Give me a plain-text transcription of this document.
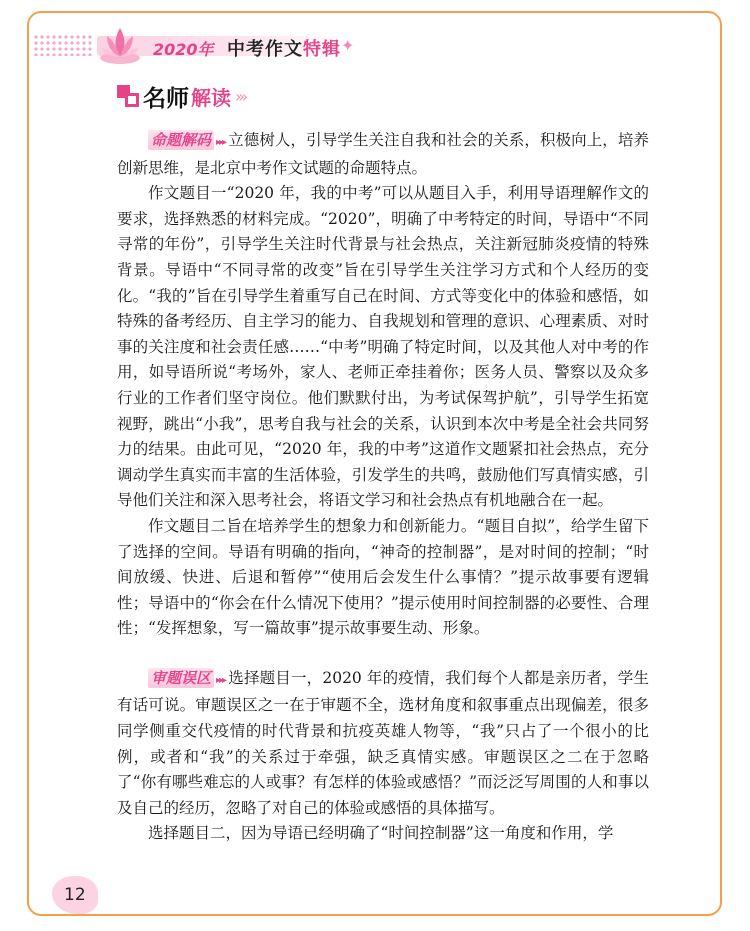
2020年 中考作文特辑 ✦
名师 解读 ›››

命题解码 ▸▸▸ 立德树人，引导学生关注自我和社会的关系，积极向上，培养创新思维，是北京中考作文试题的命题特点。

作文题目一“2020 年，我的中考”可以从题目入手，利用导语理解作文的要求，选择熟悉的材料完成。“2020”，明确了中考特定的时间，导语中“不同寻常的年份”，引导学生关注时代背景与社会热点，关注新冠肺炎疫情的特殊背景。导语中“不同寻常的改变”旨在引导学生关注学习方式和个人经历的变化。“我的”旨在引导学生着重写自己在时间、方式等变化中的体验和感悟，如特殊的备考经历、自主学习的能力、自我规划和管理的意识、心理素质、对时事的关注度和社会责任感……“中考”明确了特定时间，以及其他人对中考的作用，如导语所说“考场外，家人、老师正牵挂着你；医务人员、警察以及众多行业的工作者们坚守岗位。他们默默付出，为考试保驾护航”，引导学生拓宽视野，跳出“小我”，思考自我与社会的关系，认识到本次中考是全社会共同努力的结果。由此可见，“2020 年，我的中考”这道作文题紧扣社会热点，充分调动学生真实而丰富的生活体验，引发学生的共鸣，鼓励他们写真情实感，引导他们关注和深入思考社会，将语文学习和社会热点有机地融合在一起。

作文题目二旨在培养学生的想象力和创新能力。“题目自拟”，给学生留下了选择的空间。导语有明确的指向，“神奇的控制器”，是对时间的控制；“时间放缓、快进、后退和暂停”“使用后会发生什么事情？”提示故事要有逻辑性；导语中的“你会在什么情况下使用？”提示使用时间控制器的必要性、合理性；“发挥想象，写一篇故事”提示故事要生动、形象。

审题误区 ▸▸▸ 选择题目一，2020 年的疫情，我们每个人都是亲历者，学生有话可说。审题误区之一在于审题不全，选材角度和叙事重点出现偏差，很多同学侧重交代疫情的时代背景和抗疫英雄人物等，“我”只占了一个很小的比例，或者和“我”的关系过于牵强，缺乏真情实感。审题误区之二在于忽略了“你有哪些难忘的人或事？有怎样的体验或感悟？”而泛泛写周围的人和事以及自己的经历，忽略了对自己的体验或感悟的具体描写。

选择题目二，因为导语已经明确了“时间控制器”这一角度和作用，学

12
